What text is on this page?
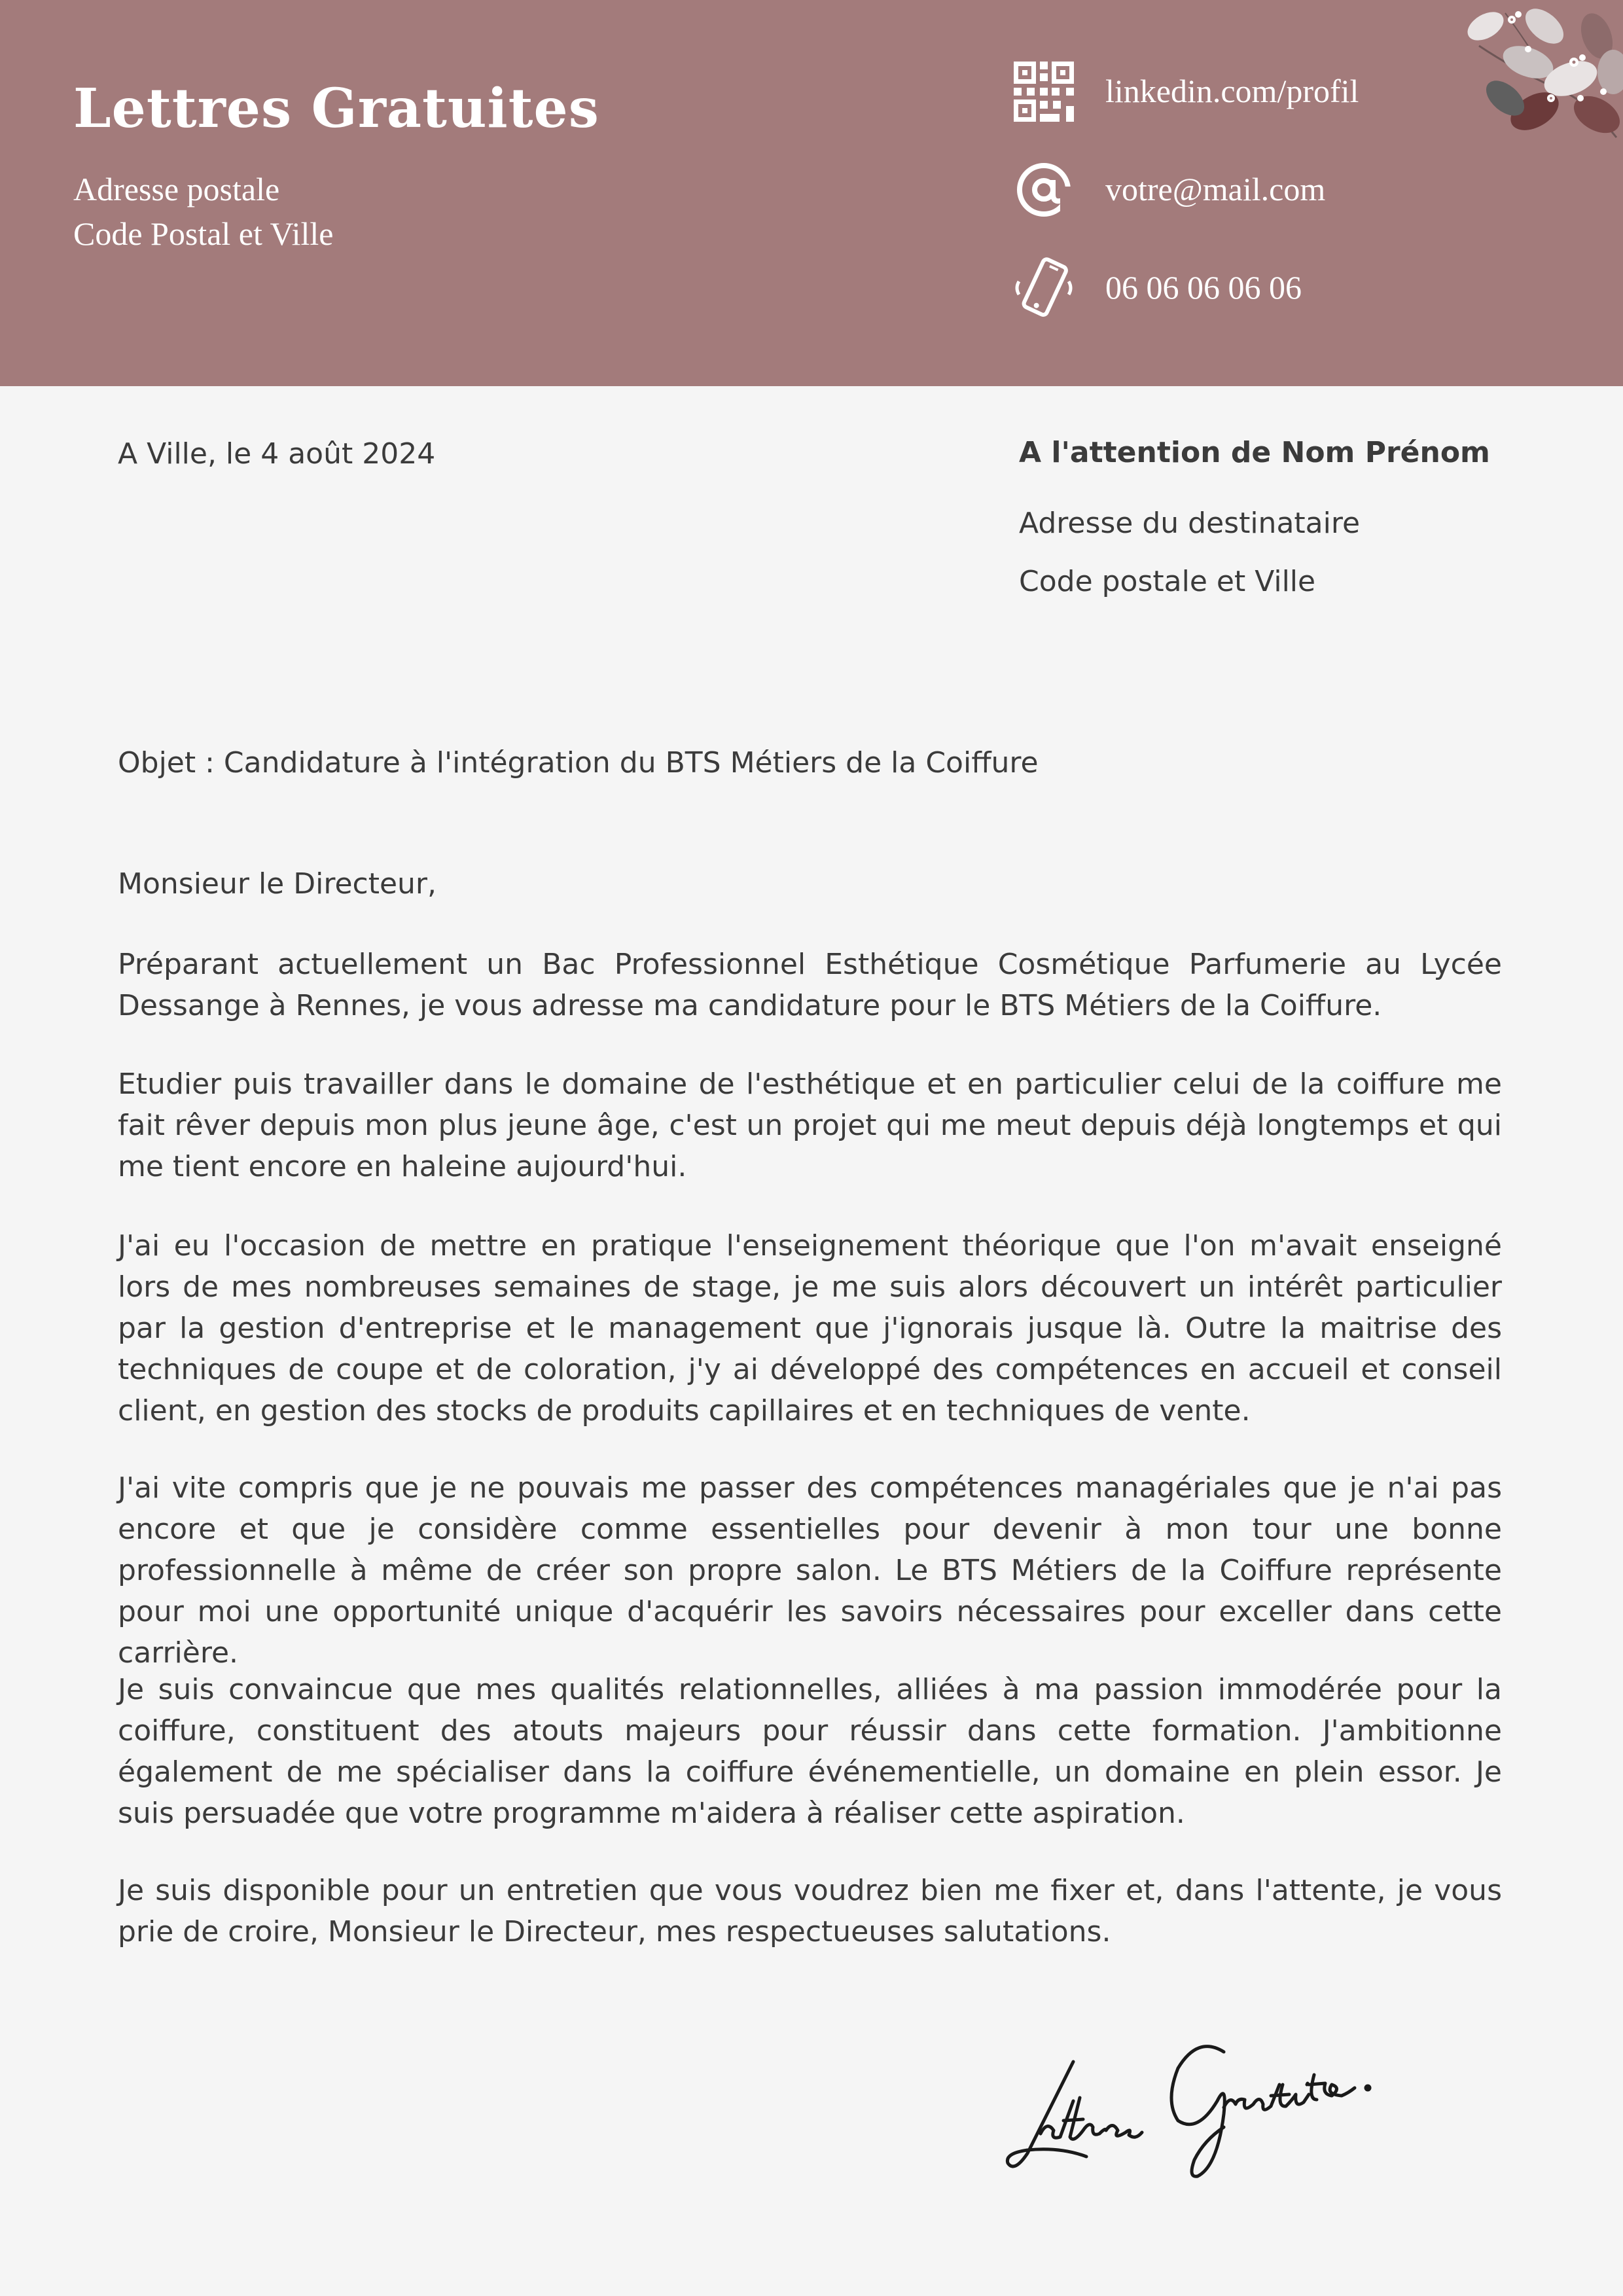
Lettres Gratuites
Adresse postale
Code Postal et Ville
linkedin.com/profil
votre@mail.com
06 06 06 06 06
A Ville, le 4 août 2024	A l'attention de Nom Prénom
Adresse du destinataire
Code postale et Ville
Objet : Candidature à l'intégration du BTS Métiers de la Coiffure
Monsieur le Directeur,

Préparant actuellement un Bac Professionnel Esthétique Cosmétique Parfumerie au Lycée Dessange à Rennes, je vous adresse ma candidature pour le BTS Métiers de la Coiffure.

Etudier puis travailler dans le domaine de l'esthétique et en particulier celui de la coiffure me fait rêver depuis mon plus jeune âge, c'est un projet qui me meut depuis déjà longtemps et qui me tient encore en haleine aujourd'hui.

J'ai eu l'occasion de mettre en pratique l'enseignement théorique que l'on m'avait enseigné lors de mes nombreuses semaines de stage, je me suis alors découvert un intérêt particulier par la gestion d'entreprise et le management que j'ignorais jusque là. Outre la maitrise des techniques de coupe et de coloration, j'y ai développé des compétences en accueil et conseil client, en gestion des stocks de produits capillaires et en techniques de vente.

J'ai vite compris que je ne pouvais me passer des compétences managériales que je n'ai pas encore et que je considère comme essentielles pour devenir à mon tour une bonne professionnelle à même de créer son propre salon. Le BTS Métiers de la Coiffure représente pour moi une opportunité unique d'acquérir les savoirs nécessaires pour exceller dans cette carrière.

Je suis convaincue que mes qualités relationnelles, alliées à ma passion immodérée pour la coiffure, constituent des atouts majeurs pour réussir dans cette formation. J'ambitionne également de me spécialiser dans la coiffure événementielle, un domaine en plein essor. Je suis persuadée que votre programme m'aidera à réaliser cette aspiration.

Je suis disponible pour un entretien que vous voudrez bien me fixer et, dans l'attente, je vous prie de croire, Monsieur le Directeur, mes respectueuses salutations.
